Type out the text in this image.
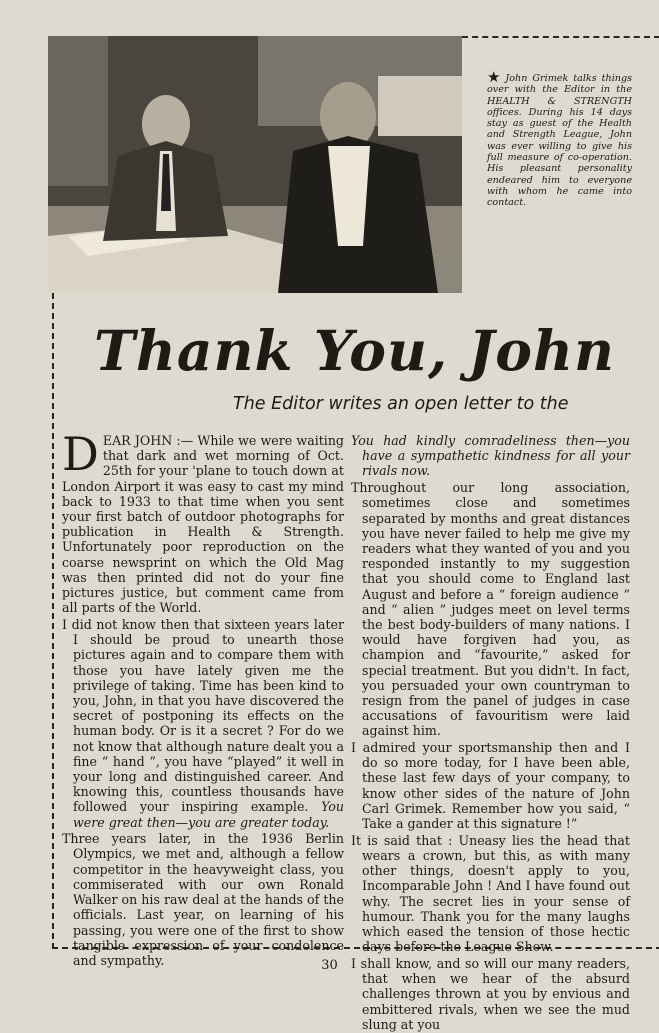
★ John Grimek talks things over with the Editor in the HEALTH & STRENGTH offices. During his 14 days stay as guest of the Health and Strength League, John was ever willing to give his full measure of co-operation. His pleasant personality endeared him to everyone with whom he came into contact.
Thank You, John
The Editor writes an open letter to the

DEAR JOHN :— While we were waiting that dark and wet morning of Oct. 25th for your 'plane to touch down at London Airport it was easy to cast my mind back to 1933 to that time when you sent your first batch of outdoor photographs for publication in Health & Strength. Unfortunately poor reproduction on the coarse newsprint on which the Old Mag was then printed did not do your fine pictures justice, but comment came from all parts of the World.

I did not know then that sixteen years later I should be proud to unearth those pictures again and to compare them with those you have lately given me the privilege of taking. Time has been kind to you, John, in that you have discovered the secret of postponing its effects on the human body. Or is it a secret ? For do we not know that although nature dealt you a fine “ hand ”, you have “played” it well in your long and distinguished career. And knowing this, countless thousands have followed your inspiring example. You were great then—you are greater today.

Three years later, in the 1936 Berlin Olympics, we met and, although a fellow competitor in the heavyweight class, you commiserated with our own Ronald Walker on his raw deal at the hands of the officials. Last year, on learning of his passing, you were one of the first to show tangible expression of your condolence and sympathy.

You had kindly comradeliness then—you have a sympathetic kindness for all your rivals now.

Throughout our long association, sometimes close and sometimes separated by months and great distances you have never failed to help me give my readers what they wanted of you and you responded instantly to my suggestion that you should come to England last August and before a “ foreign audience ” and “ alien ” judges meet on level terms the best body-builders of many nations. I would have forgiven had you, as champion and “favourite,” asked for special treatment. But you didn't. In fact, you persuaded your own countryman to resign from the panel of judges in case accusations of favouritism were laid against him.

I admired your sportsmanship then and I do so more today, for I have been able, these last few days of your company, to know other sides of the nature of John Carl Grimek. Remember how you said, “ Take a gander at this signature !”

It is said that : Uneasy lies the head that wears a crown, but this, as with many other things, doesn't apply to you, Incomparable John ! And I have found out why. The secret lies in your sense of humour. Thank you for the many laughs which eased the tension of those hectic days before the League Show.

I shall know, and so will our many readers, that when we hear of the absurd challenges thrown at you by envious and embittered rivals, when we see the mud slung at you

30
